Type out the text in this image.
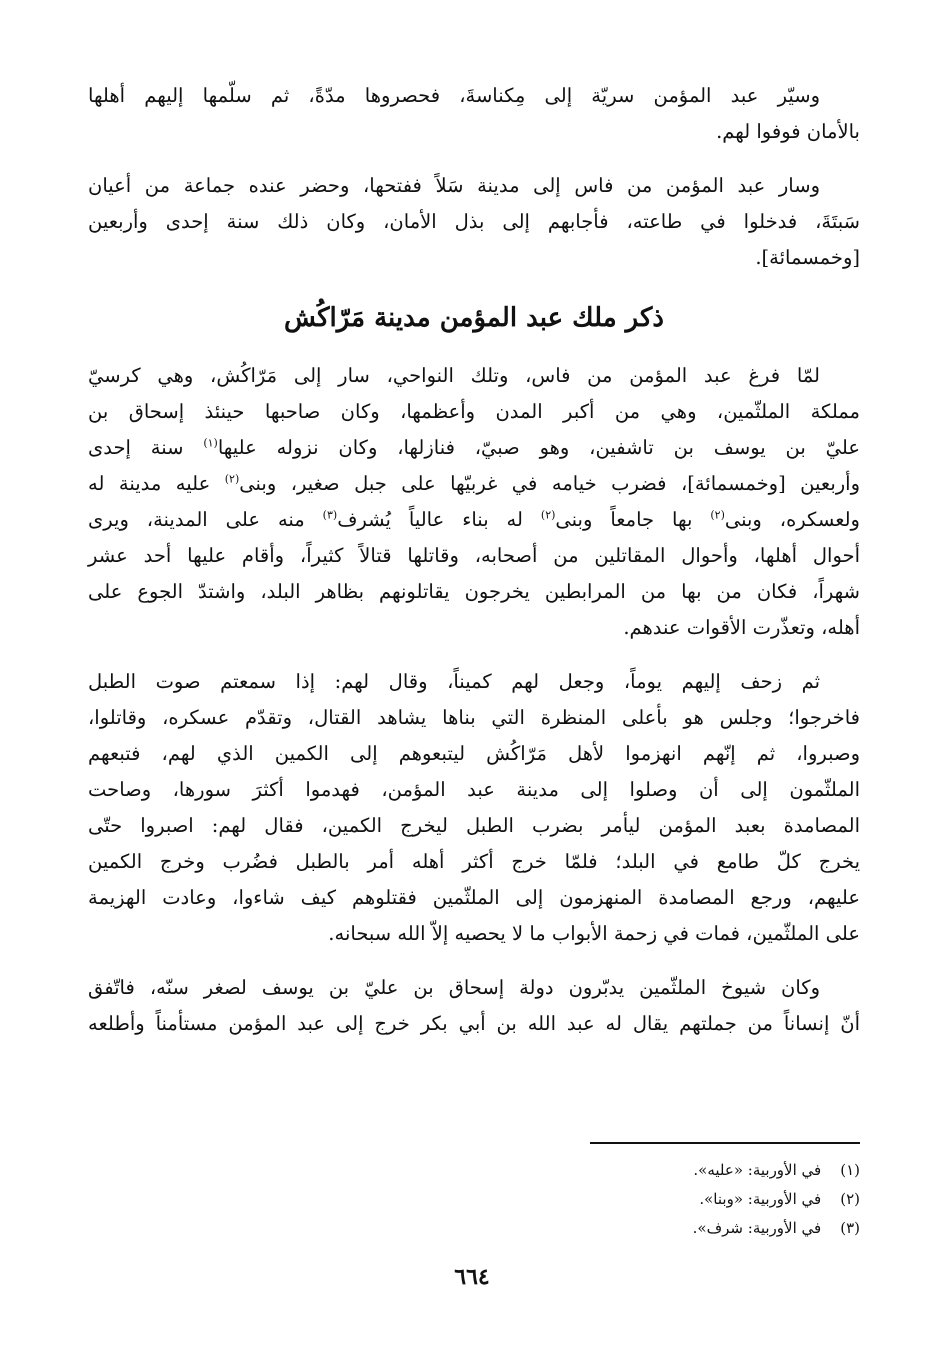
وسيّر عبد المؤمن سريّة إلى مِكناسةَ، فحصروها مدّةً، ثم سلّمها إليهم أهلها
بالأمان فوفوا لهم.
وسار عبد المؤمن من فاس إلى مدينة سَلاً ففتحها، وحضر عنده جماعة من أعيان
سَبتَةَ، فدخلوا في طاعته، فأجابهم إلى بذل الأمان، وكان ذلك سنة إحدى وأربعين
[وخمسمائة].
ذكر ملك عبد المؤمن مدينة مَرّاكُش
لمّا فرغ عبد المؤمن من فاس، وتلك النواحي، سار إلى مَرّاكُش، وهي كرسيّ
مملكة الملثّمين، وهي من أكبر المدن وأعظمها، وكان صاحبها حينئذ إسحاق بن
عليّ بن يوسف بن تاشفين، وهو صبيّ، فنازلها، وكان نزوله عليها$^{(١)}$ سنة إحدى
وأربعين [وخمسمائة]، فضرب خيامه في غربيّها على جبل صغير، وبنى$^{(٢)}$ عليه مدينة له
ولعسكره، وبنى$^{(٢)}$ بها جامعاً وبنى$^{(٢)}$ له بناء عالياً يُشرف$^{(٣)}$ منه على المدينة، ويرى
أحوال أهلها، وأحوال المقاتلين من أصحابه، وقاتلها قتالاً كثيراً، وأقام عليها أحد عشر
شهراً، فكان من بها من المرابطين يخرجون يقاتلونهم بظاهر البلد، واشتدّ الجوع على
أهله، وتعذّرت الأقوات عندهم.
ثم زحف إليهم يوماً، وجعل لهم كميناً، وقال لهم: إذا سمعتم صوت الطبل
فاخرجوا؛ وجلس هو بأعلى المنظرة التي بناها يشاهد القتال، وتقدّم عسكره، وقاتلوا،
وصبروا، ثم إنّهم انهزموا لأهل مَرّاكُش ليتبعوهم إلى الكمين الذي لهم، فتبعهم
الملثّمون إلى أن وصلوا إلى مدينة عبد المؤمن، فهدموا أكثرَ سورها، وصاحت
المصامدة بعبد المؤمن ليأمر بضرب الطبل ليخرج الكمين، فقال لهم: اصبروا حتّى
يخرج كلّ طامع في البلد؛ فلمّا خرج أكثر أهله أمر بالطبل فضُرب وخرج الكمين
عليهم، ورجع المصامدة المنهزمون إلى الملثّمين فقتلوهم كيف شاءوا، وعادت الهزيمة
على الملثّمين، فمات في زحمة الأبواب ما لا يحصيه إلاّ الله سبحانه.
وكان شيوخ الملثّمين يدبّرون دولة إسحاق بن عليّ بن يوسف لصغر سنّه، فاتّفق
أنّ إنساناً من جملتهم يقال له عبد الله بن أبي بكر خرج إلى عبد المؤمن مستأمناً وأطلعه
(١) في الأوربية: «عليه».
(٢) في الأوربية: «وبنا».
(٣) في الأوربية: شرف».
٦٦٤
